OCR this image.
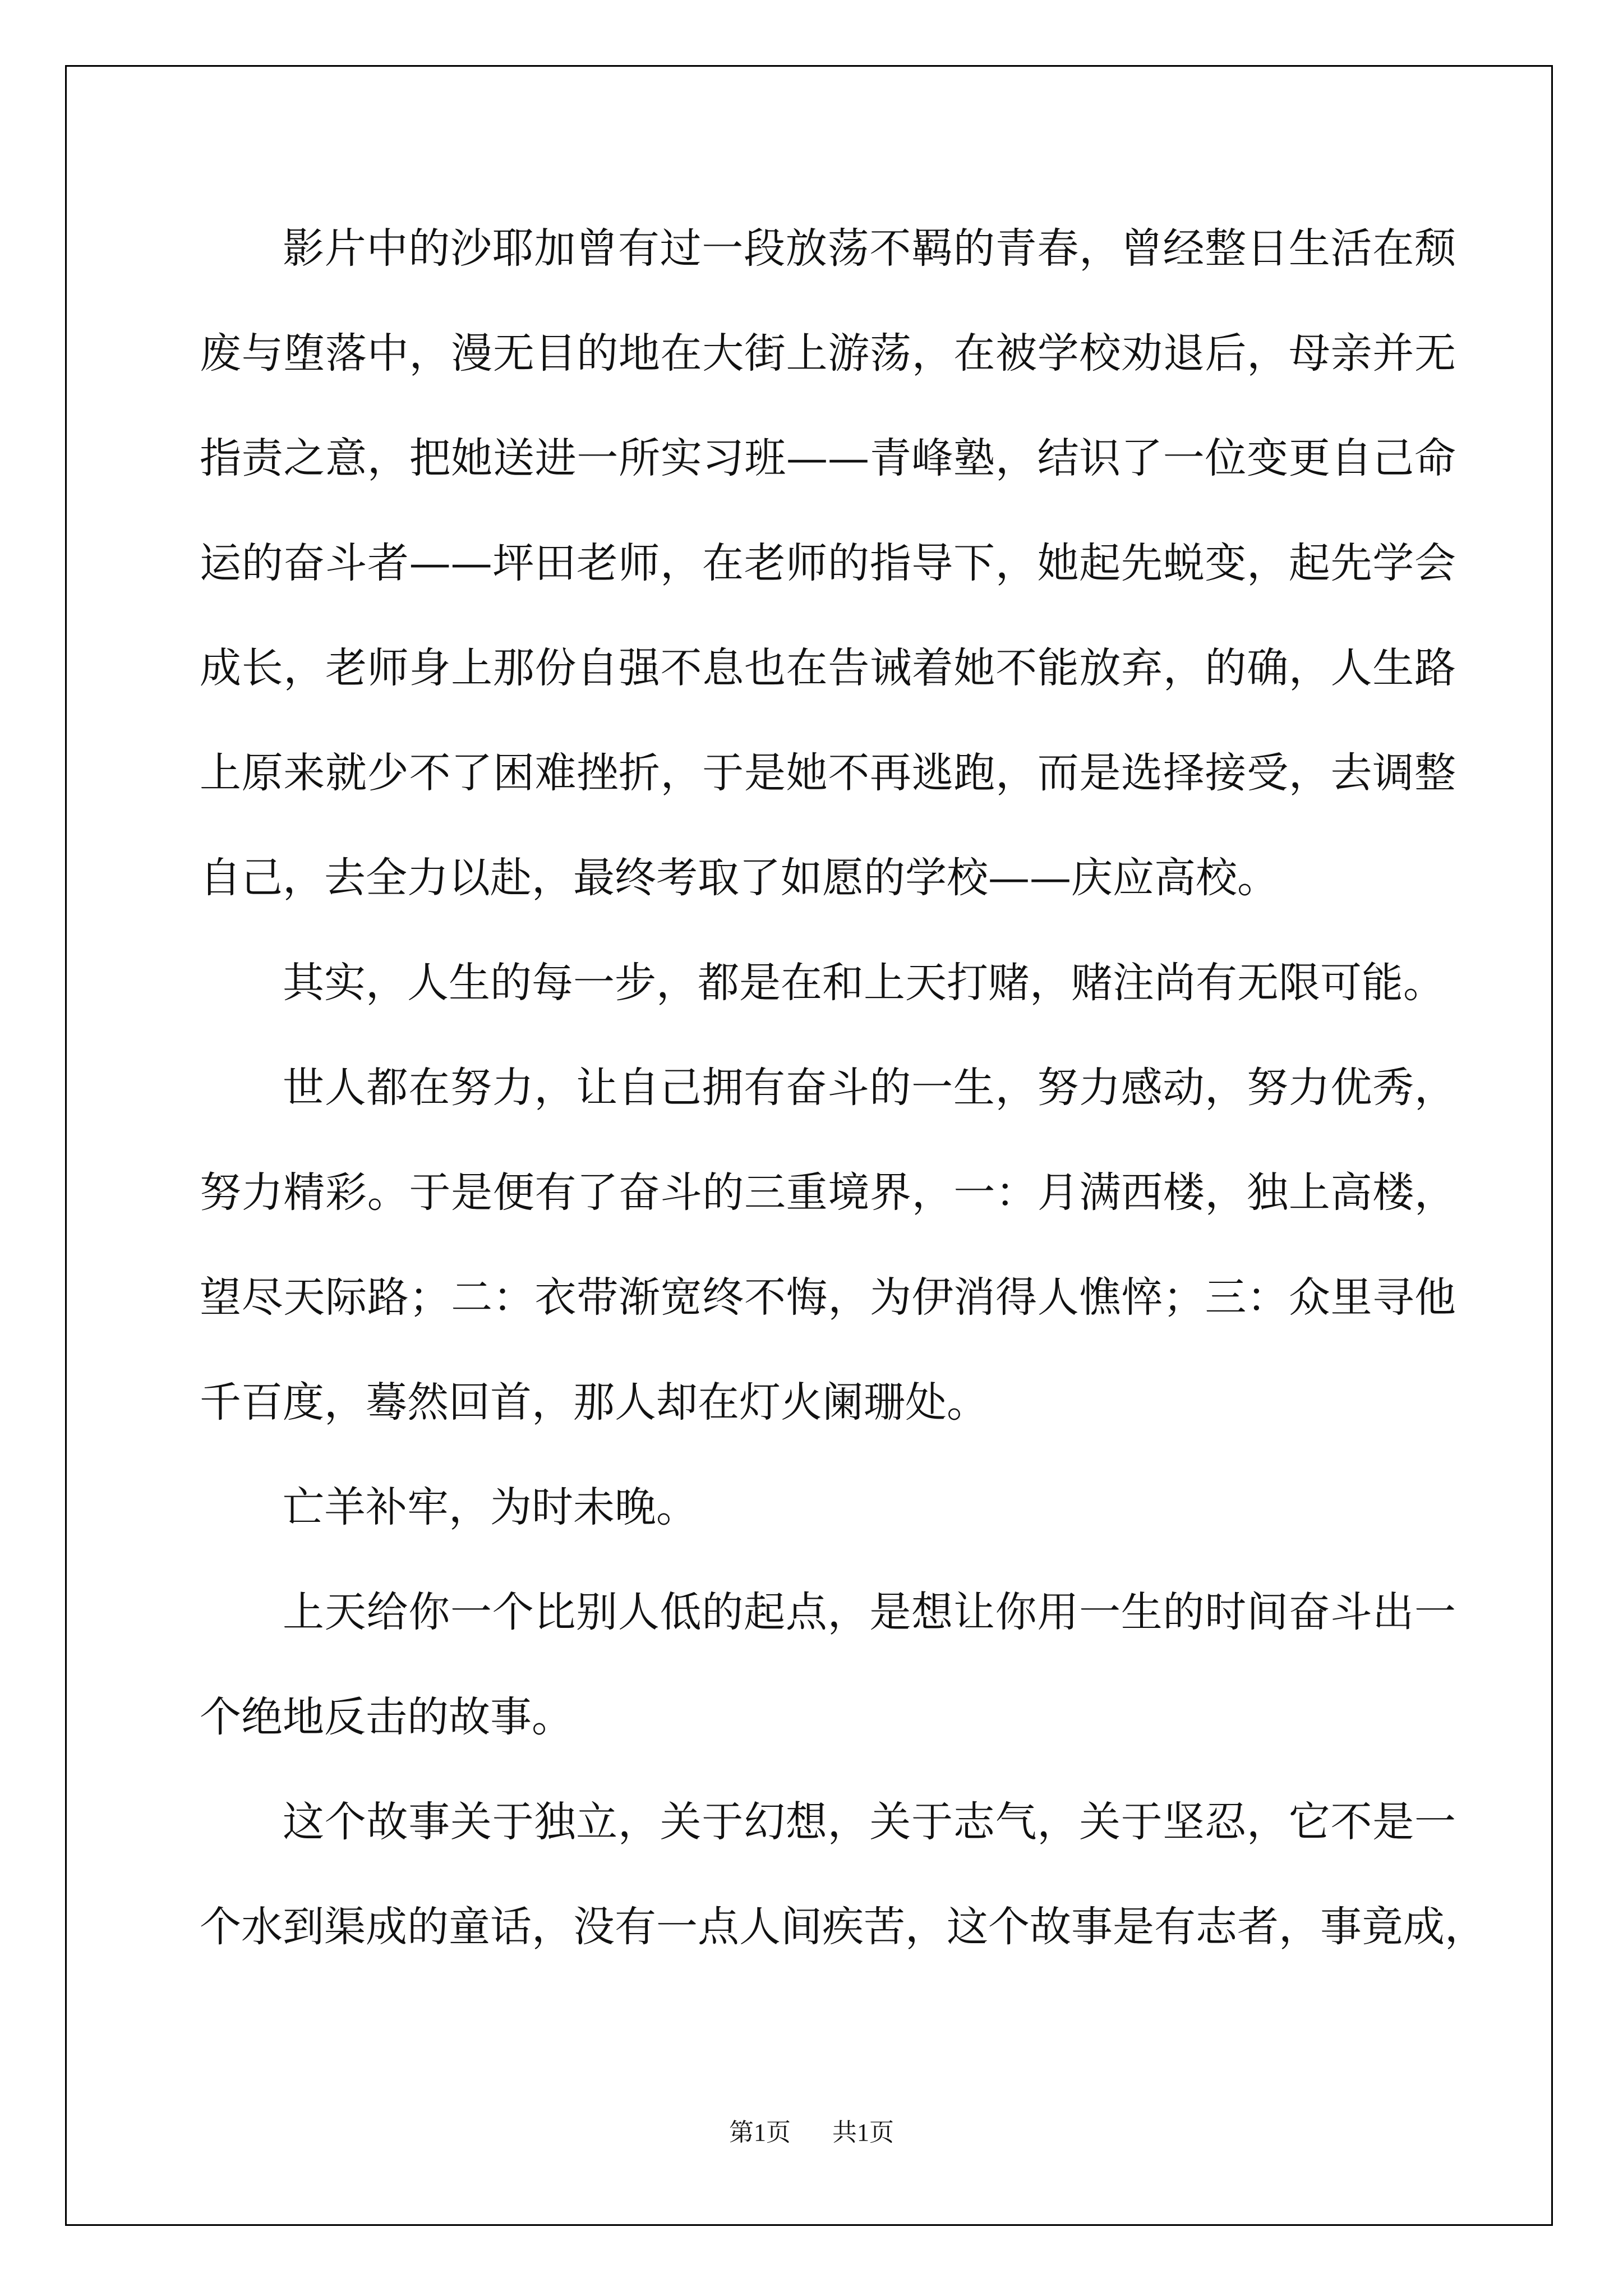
影片中的沙耶加曾有过一段放荡不羁的青春，曾经整日生活在颓
废与堕落中，漫无目的地在大街上游荡，在被学校劝退后，母亲并无
指责之意，把她送进一所实习班——青峰塾，结识了一位变更自己命
运的奋斗者——坪田老师，在老师的指导下，她起先蜕变，起先学会
成长，老师身上那份自强不息也在告诫着她不能放弃，的确，人生路
上原来就少不了困难挫折，于是她不再逃跑，而是选择接受，去调整
自己，去全力以赴，最终考取了如愿的学校——庆应高校。
其实，人生的每一步，都是在和上天打赌，赌注尚有无限可能。
世人都在努力，让自己拥有奋斗的一生，努力感动，努力优秀，
努力精彩。于是便有了奋斗的三重境界，一：月满西楼，独上高楼，
望尽天际路；二：衣带渐宽终不悔，为伊消得人憔悴；三：众里寻他
千百度，蓦然回首，那人却在灯火阑珊处。
亡羊补牢，为时未晚。
上天给你一个比别人低的起点，是想让你用一生的时间奋斗出一
个绝地反击的故事。
这个故事关于独立，关于幻想，关于志气，关于坚忍，它不是一
个水到渠成的童话，没有一点人间疾苦，这个故事是有志者，事竟成，
第1页 共1页
